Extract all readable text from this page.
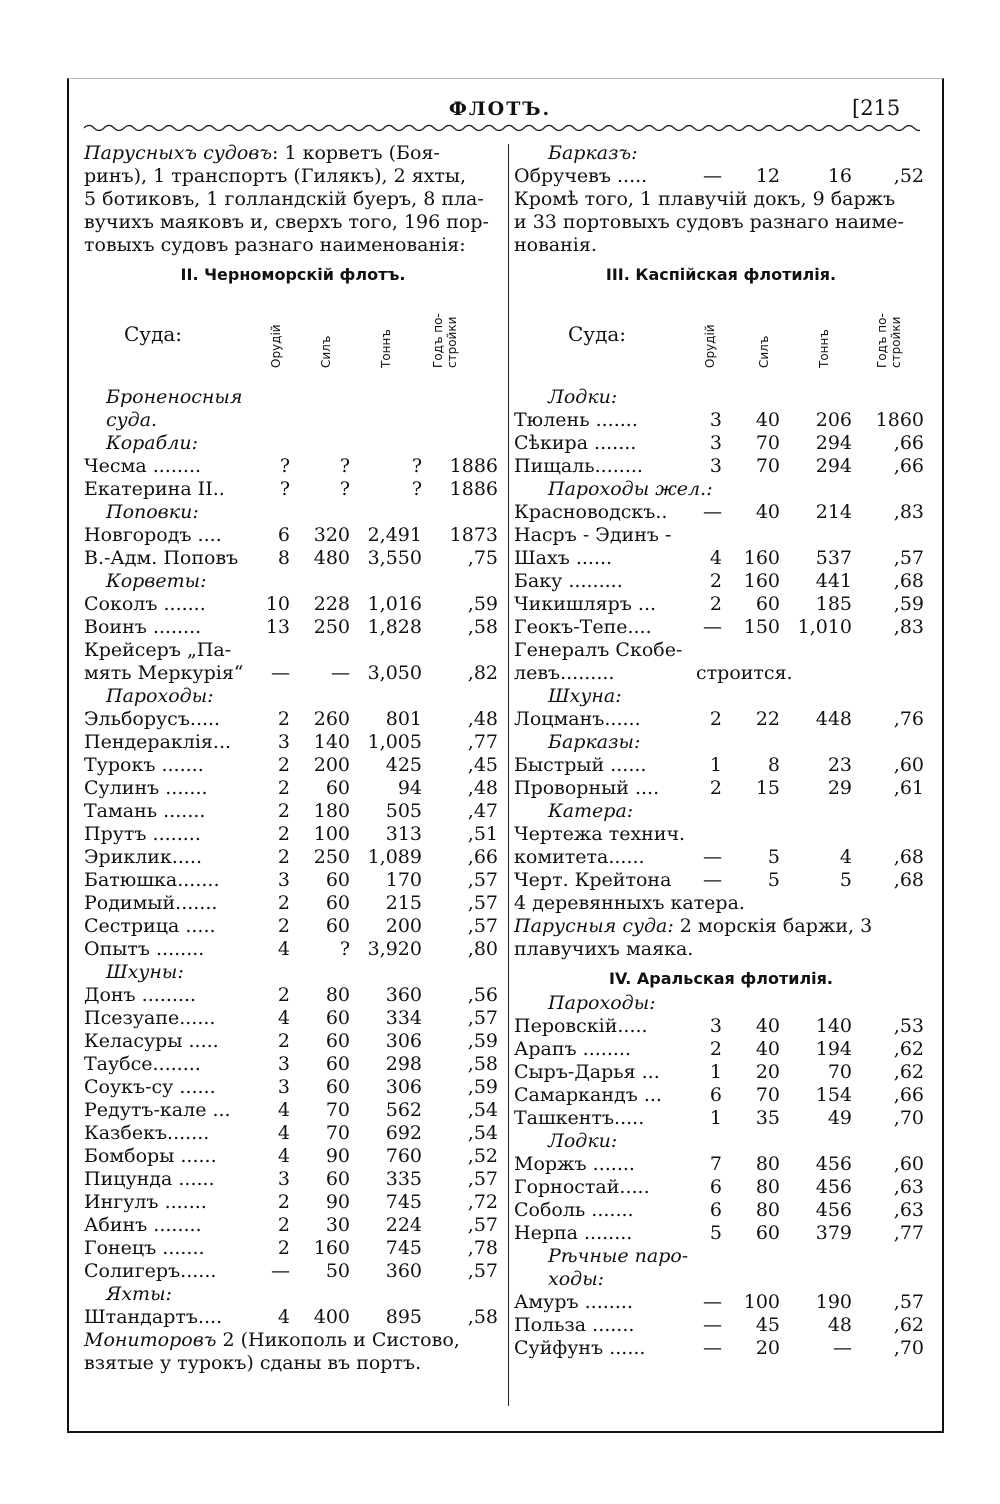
ФЛОТЪ.	[215

Парусныхъ судовъ: 1 корветъ (Боя-

ринъ), 1 транспортъ (Гилякъ), 2 яхты,

5 ботиковъ, 1 голландскій буеръ, 8 пла-

вучихъ маяковъ и, сверхъ того, 196 пор-

товыхъ судовъ разнаго наименованія:

II. Черноморскій флотъ.
Суда:	Орудій	Силъ	Тоннъ	Годъ по- стройки
Броненосныя
суда.
Корабли:
Чесма ........	?	?	? 1886
Екатерина II..	?	?	? 1886
Поповки:
Новгородъ ....	6 320 2,491 1873
В.-Адм. Поповъ 8 480 3,550 ,75
Корветы:
Соколъ .......	10 228 1,016 ,59
Воинъ ........	13 250 1,828 ,58
Крейсеръ „Па-
мять Меркурія“ — — 3,050 ,82
Пароходы:
Эльборусъ.....	2 260 801 ,48
Пендераклія... 3 140 1,005 ,77
Турокъ .......	2 200 425 ,45
Сулинъ .......	2 60	94 ,48
Тамань .......	2 180 505 ,47
Прутъ ........	2 100 313 ,51
Эриклик.....	2 250 1,089 ,66
Батюшка.......	3 60 170 ,57
Родимый.......	2 60 215 ,57
Сестрица .....	2 60 200 ,57
Опытъ ........	4	? 3,920 ,80
Шхуны:
Донъ .........	2 80 360 ,56
Псезуапе......	4 60 334 ,57
Келасуры .....	2 60 306 ,59
Таубсе........	3 60 298 ,58
Соукъ-су ......	3 60 306 ,59
Редутъ-кале ... 4 70 562 ,54
Казбекъ.......	4 70 692 ,54
Бомборы ......	4 90 760 ,52
Пицунда ......	3 60 335 ,57
Ингулъ .......	2 90 745 ,72
Абинъ ........	2 30 224 ,57
Гонецъ .......	2 160 745 ,78
Солигеръ......	— 50 360 ,57
Яхты:
Штандартъ....	4 400 895 ,58

Мониторовъ 2 (Никополь и Систово,

взятые у турокъ) сданы въ портъ.

Барказъ:
Обручевъ .....	— 12	16 ,52

Кромѣ того, 1 плавучій докъ, 9 баржъ

и 33 портовыхъ судовъ разнаго наиме-

нованія.

III. Каспійская флотилія.
Суда:	Орудій	Силъ	Тоннъ	Годъ по- стройки
Лодки:
Тюлень .......	3 40 206 1860
Сѣкира .......	3 70 294 ,66
Пищаль........	3 70 294 ,66
Пароходы жел.:
Красноводскъ.. — 40 214 ,83
Насръ - Эдинъ -
Шахъ ......	4 160 537 ,57
Баку .........	2 160 441 ,68
Чикишляръ ...	2 60 185 ,59
Геокъ-Тепе....	— 150 1,010 ,83
Генералъ Скобе-
левъ.........	строится.
Шхуна:
Лоцманъ......	2 22 448 ,76
Барказы:
Быстрый ......	1 8	23 ,60
Проворный ....	2 15	29 ,61
Катера:
Чертежа технич.
комитета......	— 5	4 ,68
Черт. Крейтона — 5	5 ,68

4 деревянныхъ катера.

Парусныя суда: 2 морскія баржи, 3

плавучихъ маяка.

IV. Аральская флотилія.
Пароходы:
Перовскій.....	3 40 140 ,53
Арапъ ........	2 40 194 ,62
Сыръ-Дарья ...	1 20	70 ,62
Самаркандъ ...	6 70 154 ,66
Ташкентъ.....	1 35	49 ,70
Лодки:
Моржъ .......	7 80 456 ,60
Горностай.....	6 80 456 ,63
Соболь .......	6 80 456 ,63
Нерпа ........	5 60 379 ,77
Рѣчные паро-
ходы:
Амуръ ........	— 100 190 ,57
Польза .......	— 45	48 ,62
Суйфунъ ......	— 20	— ,70
